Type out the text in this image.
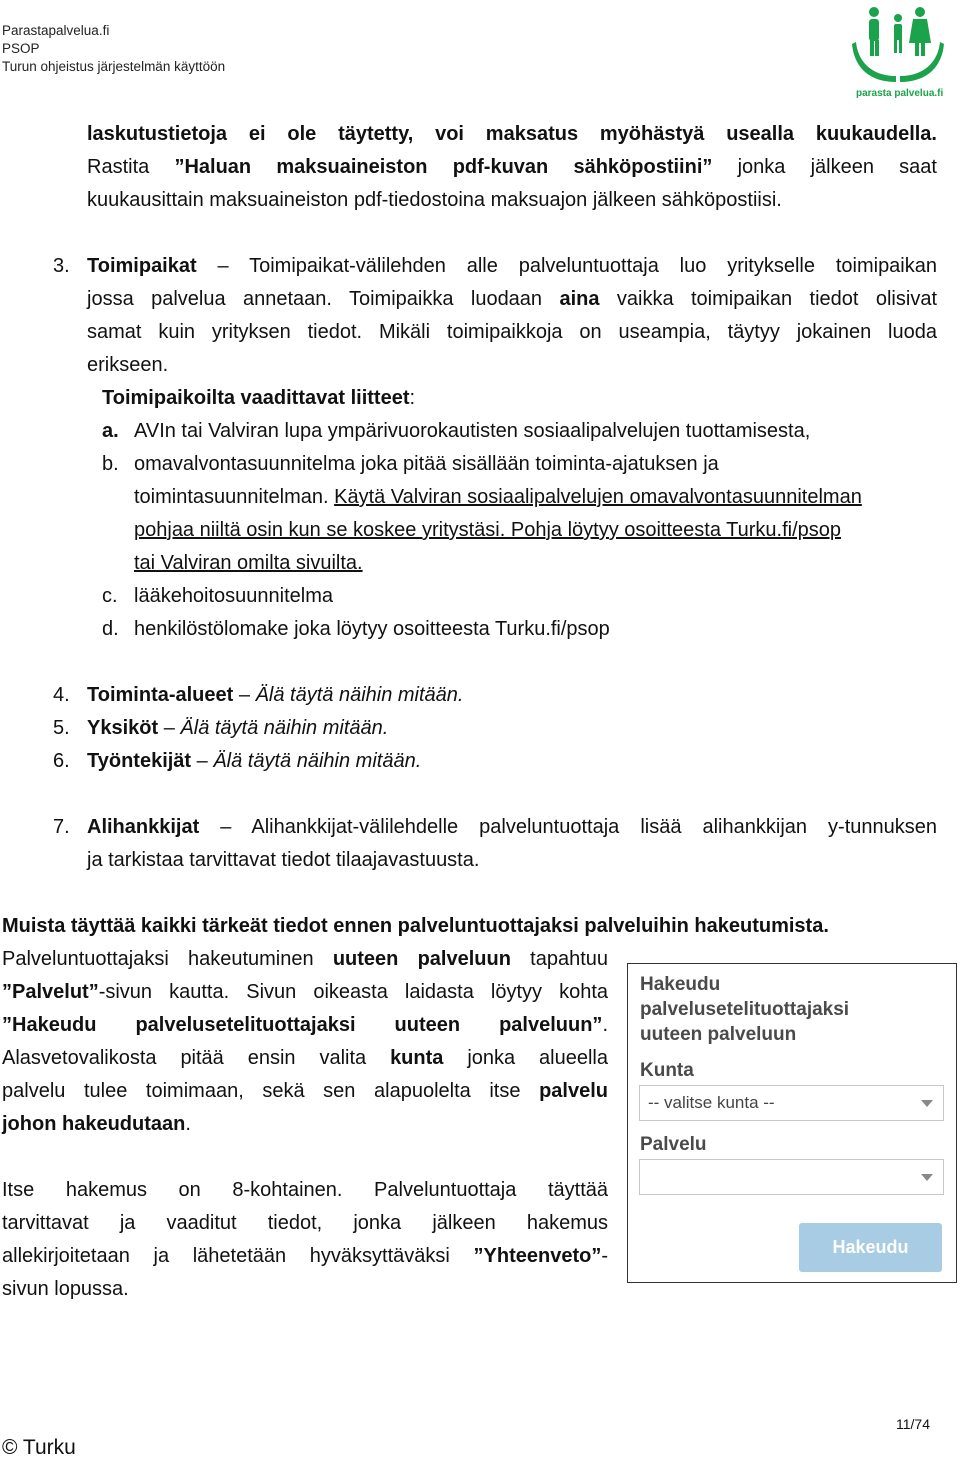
Parastapalvelua.fi
PSOP
Turun ohjeistus järjestelmän käyttöön
parasta palvelua.fi
laskutustietoja ei ole täytetty, voi maksatus myöhästyä usealla kuukaudella.
Rastita ”Haluan maksuaineiston pdf-kuvan sähköpostiini” jonka jälkeen saat
kuukausittain maksuaineiston pdf-tiedostoina maksuajon jälkeen sähköpostiisi.
3. Toimipaikat – Toimipaikat-välilehden alle palveluntuottaja luo yritykselle toimipaikan
jossa palvelua annetaan. Toimipaikka luodaan aina vaikka toimipaikan tiedot olisivat
samat kuin yrityksen tiedot. Mikäli toimipaikkoja on useampia, täytyy jokainen luoda
erikseen.
Toimipaikoilta vaadittavat liitteet:
a. AVIn tai Valviran lupa ympärivuorokautisten sosiaalipalvelujen tuottamisesta,
b. omavalvontasuunnitelma joka pitää sisällään toiminta-ajatuksen ja
toimintasuunnitelman. Käytä Valviran sosiaalipalvelujen omavalvontasuunnitelman
pohjaa niiltä osin kun se koskee yritystäsi. Pohja löytyy osoitteesta Turku.fi/psop
tai Valviran omilta sivuilta.
c. lääkehoitosuunnitelma
d. henkilöstölomake joka löytyy osoitteesta Turku.fi/psop
4. Toiminta-alueet – Älä täytä näihin mitään.
5. Yksiköt – Älä täytä näihin mitään.
6. Työntekijät – Älä täytä näihin mitään.
7. Alihankkijat – Alihankkijat-välilehdelle palveluntuottaja lisää alihankkijan y-tunnuksen
ja tarkistaa tarvittavat tiedot tilaajavastuusta.
Muista täyttää kaikki tärkeät tiedot ennen palveluntuottajaksi palveluihin hakeutumista.
Palveluntuottajaksi hakeutuminen uuteen palveluun tapahtuu
”Palvelut”-sivun kautta. Sivun oikeasta laidasta löytyy kohta
”Hakeudu palvelusetelituottajaksi uuteen palveluun”.
Alasvetovalikosta pitää ensin valita kunta jonka alueella
palvelu tulee toimimaan, sekä sen alapuolelta itse palvelu
johon hakeudutaan.
Itse hakemus on 8-kohtainen. Palveluntuottaja täyttää
tarvittavat ja vaaditut tiedot, jonka jälkeen hakemus
allekirjoitetaan ja lähetetään hyväksyttäväksi ”Yhteenveto”-
sivun lopussa.
Hakeudu
palvelusetelituottajaksi
uuteen palveluun
Kunta
-- valitse kunta --
Palvelu
Hakeudu
© Turku
11/74
